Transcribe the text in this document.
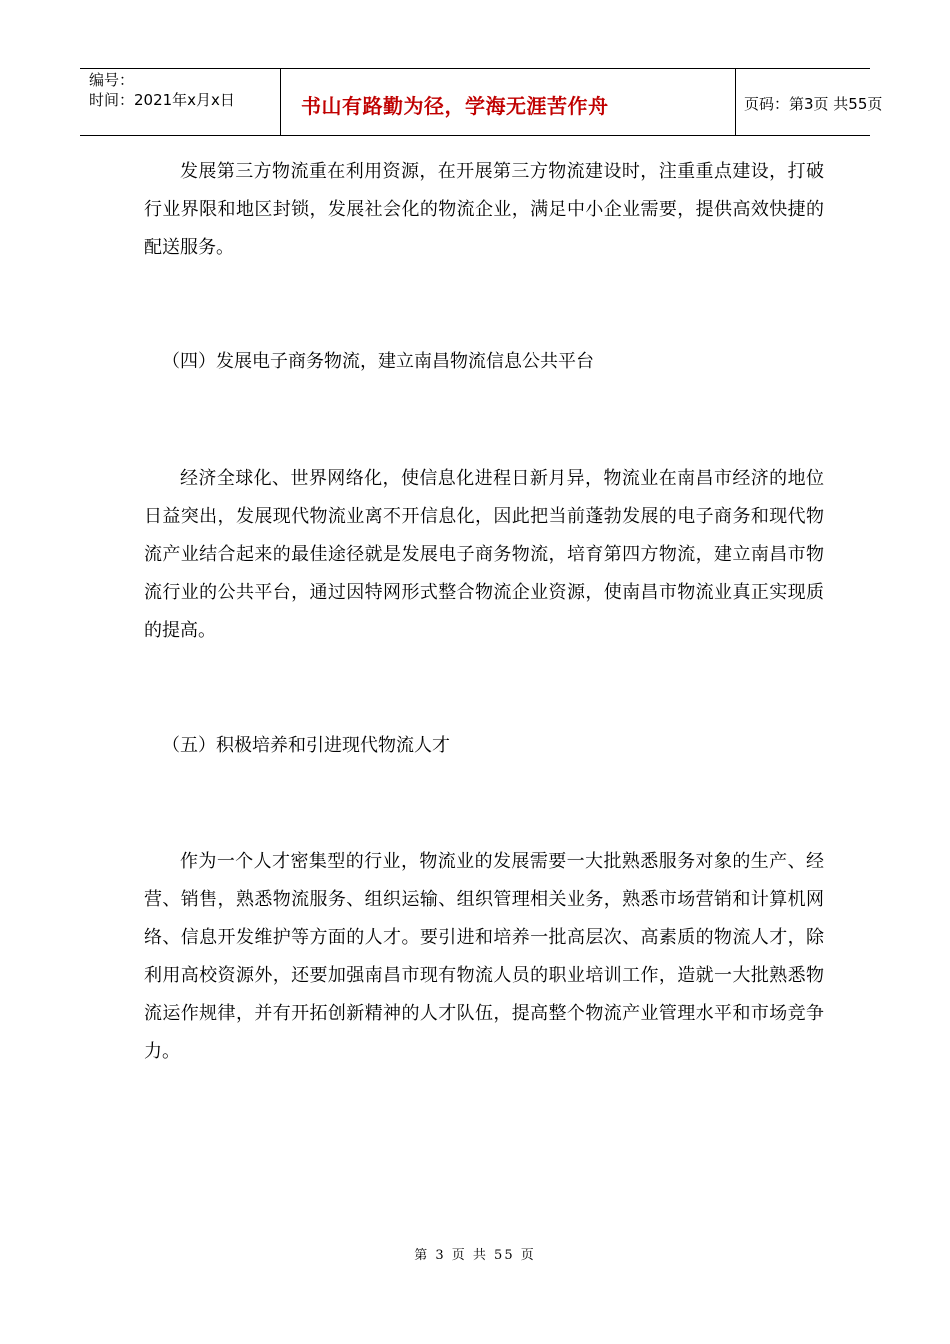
编号：
时间：2021年x月x日	书山有路勤为径，学海无涯苦作舟	页码：第3页 共55页

发展第三方物流重在利用资源，在开展第三方物流建设时，注重重点建设，打破行业界限和地区封锁，发展社会化的物流企业，满足中小企业需要，提供高效快捷的配送服务。

（四）发展电子商务物流，建立南昌物流信息公共平台

经济全球化、世界网络化，使信息化进程日新月异，物流业在南昌市经济的地位日益突出，发展现代物流业离不开信息化，因此把当前蓬勃发展的电子商务和现代物流产业结合起来的最佳途径就是发展电子商务物流，培育第四方物流，建立南昌市物流行业的公共平台，通过因特网形式整合物流企业资源，使南昌市物流业真正实现质的提高。

（五）积极培养和引进现代物流人才

作为一个人才密集型的行业，物流业的发展需要一大批熟悉服务对象的生产、经营、销售，熟悉物流服务、组织运输、组织管理相关业务，熟悉市场营销和计算机网络、信息开发维护等方面的人才。要引进和培养一批高层次、高素质的物流人才，除利用高校资源外，还要加强南昌市现有物流人员的职业培训工作，造就一大批熟悉物流运作规律，并有开拓创新精神的人才队伍，提高整个物流产业管理水平和市场竞争力。

第 3 页 共 55 页
